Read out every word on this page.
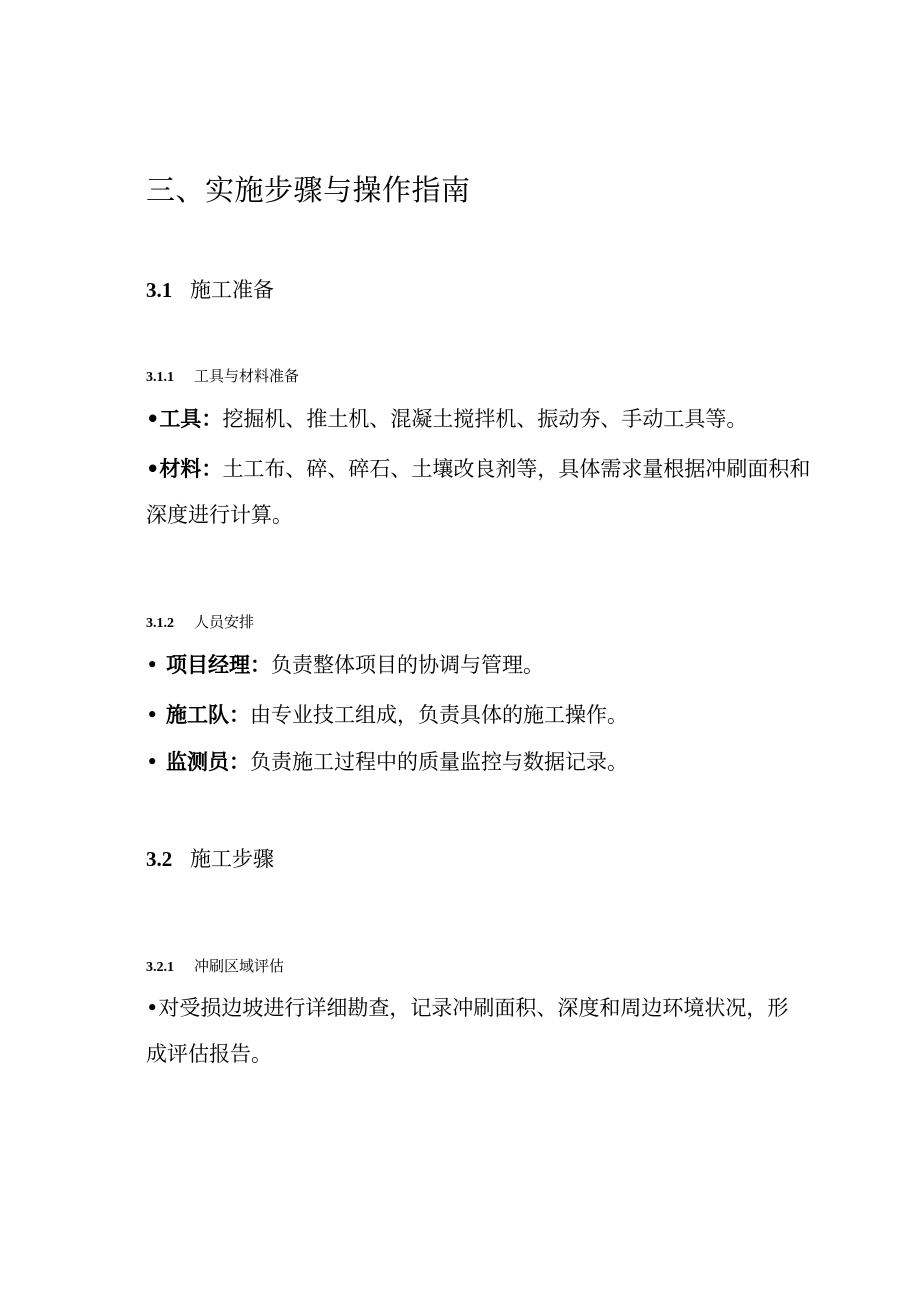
三、实施步骤与操作指南
3.1 施工准备
3.1.1 工具与材料准备
•工具：挖掘机、推土机、混凝土搅拌机、振动夯、手动工具等。
•材料：土工布、碎、碎石、土壤改良剂等，具体需求量根据冲刷面积和深度进行计算。
3.1.2 人员安排
• 项目经理：负责整体项目的协调与管理。
• 施工队：由专业技工组成，负责具体的施工操作。
• 监测员：负责施工过程中的质量监控与数据记录。
3.2 施工步骤
3.2.1 冲刷区域评估
•对受损边坡进行详细勘查，记录冲刷面积、深度和周边环境状况，形成评估报告。
